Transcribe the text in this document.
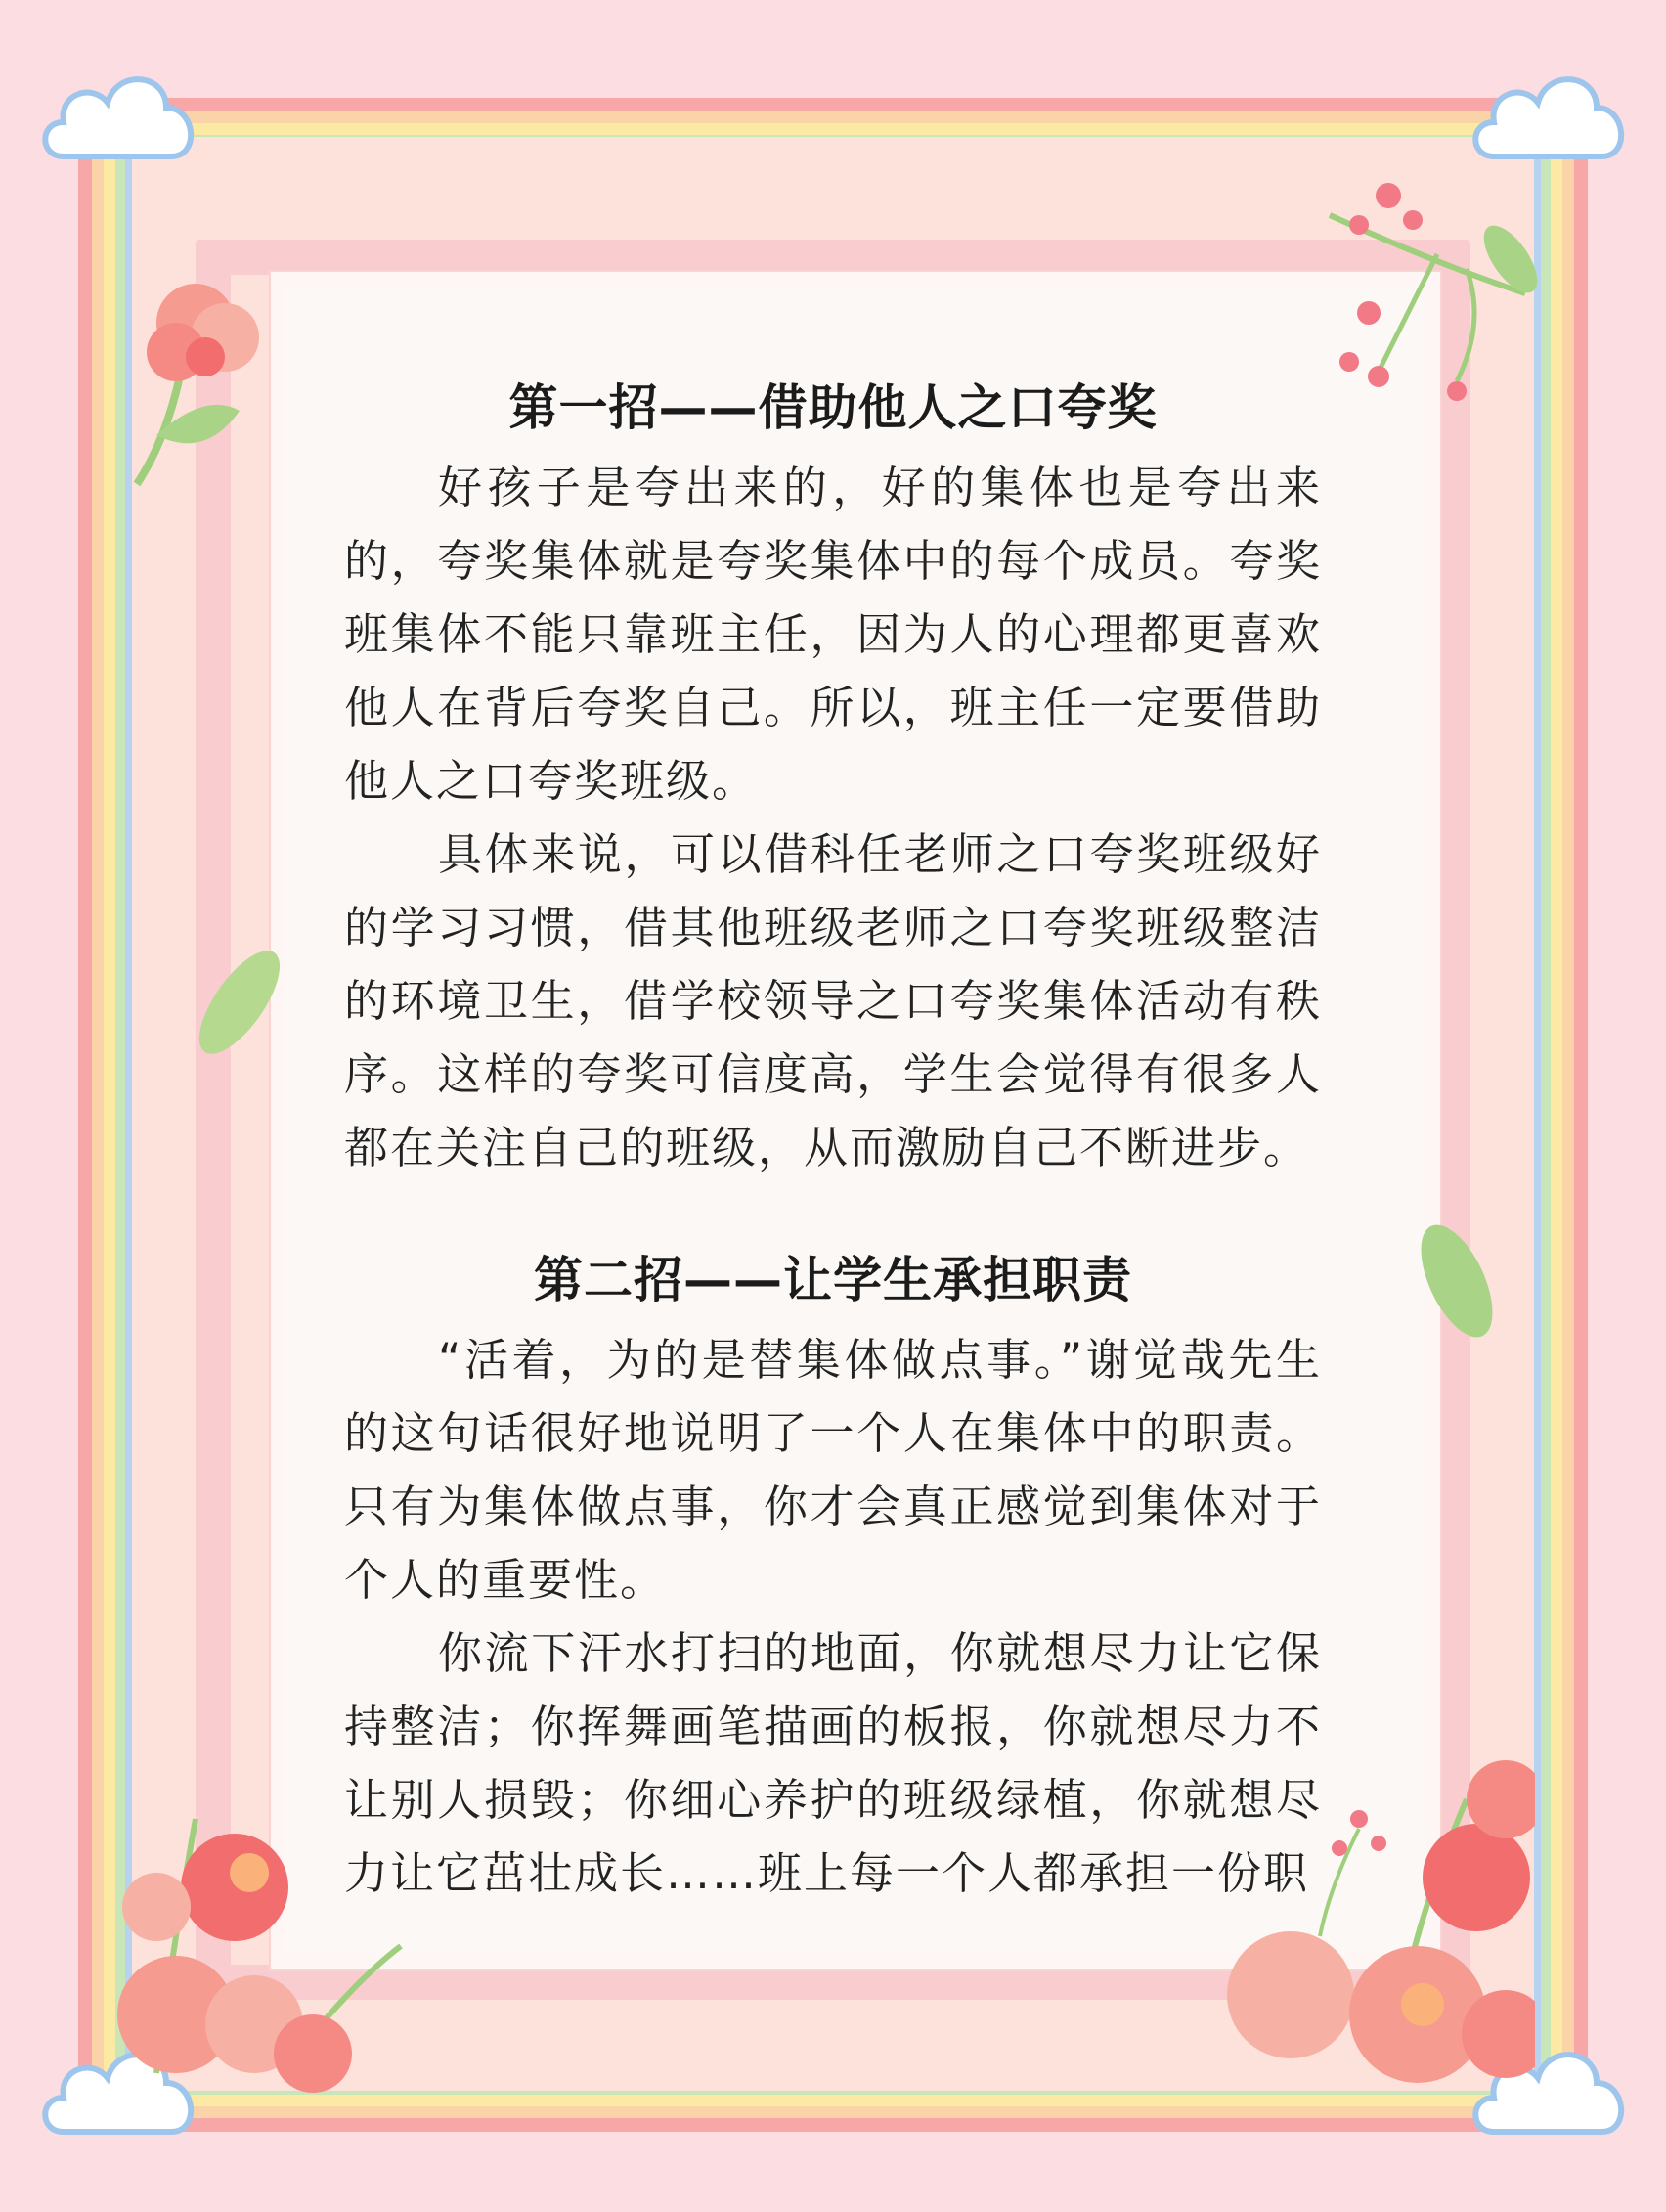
第一招——借助他人之口夸奖

好孩子是夸出来的，好的集体也是夸出来的，夸奖集体就是夸奖集体中的每个成员。夸奖班集体不能只靠班主任，因为人的心理都更喜欢他人在背后夸奖自己。所以，班主任一定要借助他人之口夸奖班级。

具体来说，可以借科任老师之口夸奖班级好的学习习惯，借其他班级老师之口夸奖班级整洁的环境卫生，借学校领导之口夸奖集体活动有秩序。这样的夸奖可信度高，学生会觉得有很多人都在关注自己的班级，从而激励自己不断进步。

第二招——让学生承担职责

“活着，为的是替集体做点事。”谢觉哉先生的这句话很好地说明了一个人在集体中的职责。只有为集体做点事，你才会真正感觉到集体对于个人的重要性。

你流下汗水打扫的地面，你就想尽力让它保持整洁；你挥舞画笔描画的板报，你就想尽力不让别人损毁；你细心养护的班级绿植，你就想尽力让它茁壮成长……班上每一个人都承担一份职
